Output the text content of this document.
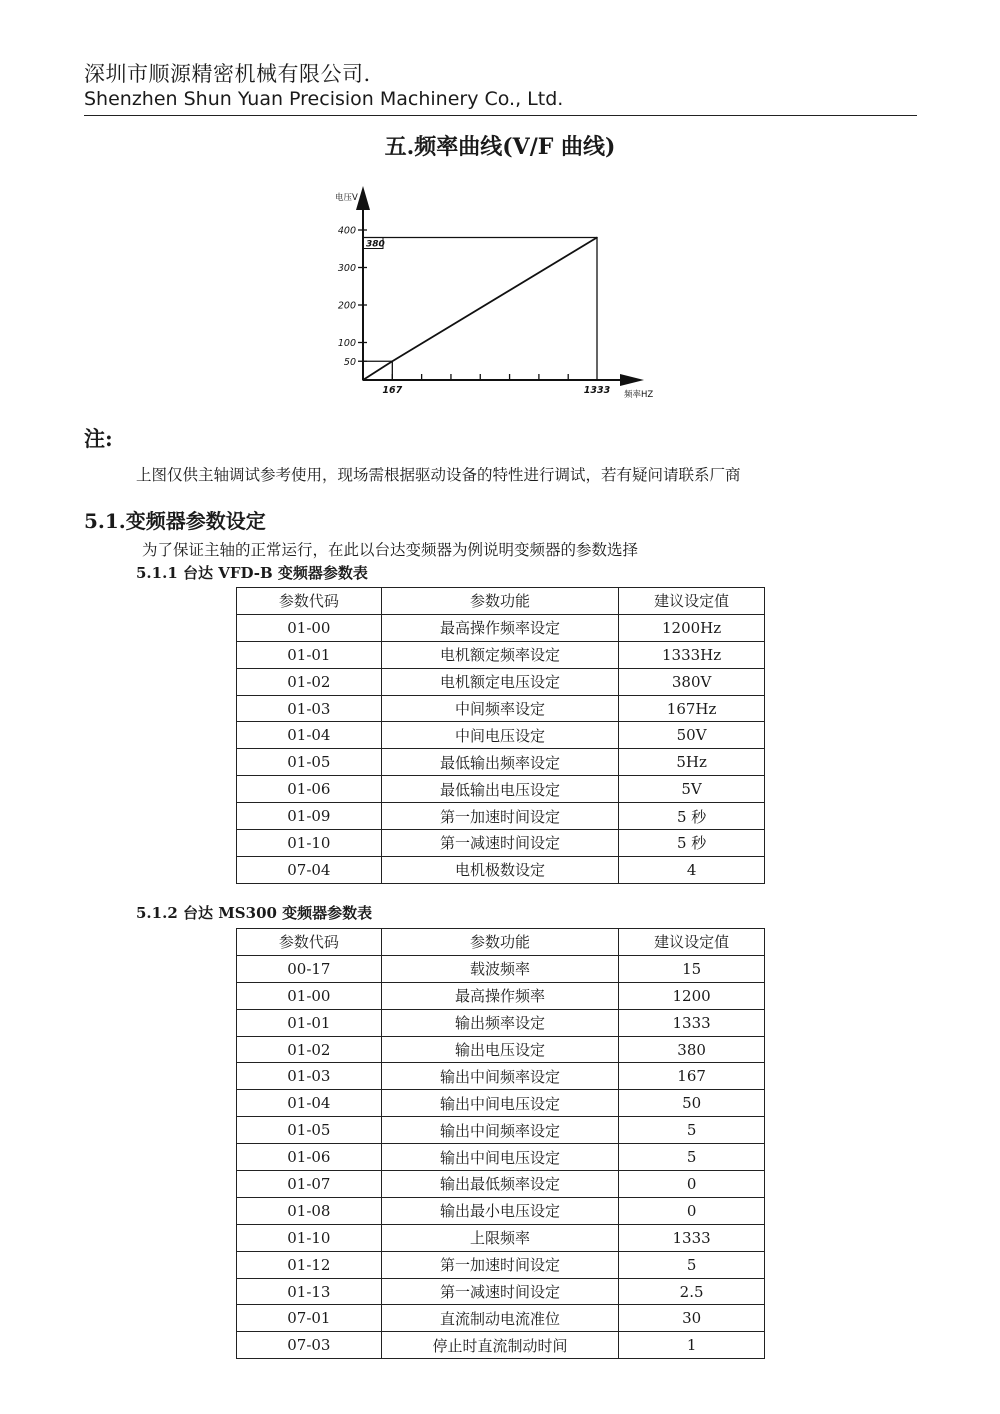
深圳市顺源精密机械有限公司.
Shenzhen Shun Yuan Precision Machinery Co., Ltd.
五.频率曲线(V/F 曲线)
400
300
200
100
50
167	1333
电压V
频率HZ
380
注:
上图仅供主轴调试参考使用，现场需根据驱动设备的特性进行调试，若有疑问请联系厂商
5.1.变频器参数设定
为了保证主轴的正常运行，在此以台达变频器为例说明变频器的参数选择
5.1.1 台达 VFD-B 变频器参数表
参数代码	参数功能	建议设定值
01-00	最高操作频率设定	1200Hz
01-01	电机额定频率设定	1333Hz
01-02	电机额定电压设定	380V
01-03	中间频率设定	167Hz
01-04	中间电压设定	50V
01-05	最低输出频率设定	5Hz
01-06	最低输出电压设定	5V
01-09	第一加速时间设定	5 秒
01-10	第一减速时间设定	5 秒
07-04	电机极数设定	4
5.1.2 台达 MS300 变频器参数表
参数代码	参数功能	建议设定值
00-17	载波频率	15
01-00	最高操作频率	1200
01-01	输出频率设定	1333
01-02	输出电压设定	380
01-03	输出中间频率设定	167
01-04	输出中间电压设定	50
01-05	输出中间频率设定	5
01-06	输出中间电压设定	5
01-07	输出最低频率设定	0
01-08	输出最小电压设定	0
01-10	上限频率	1333
01-12	第一加速时间设定	5
01-13	第一减速时间设定	2.5
07-01	直流制动电流准位	30
07-03	停止时直流制动时间	1
